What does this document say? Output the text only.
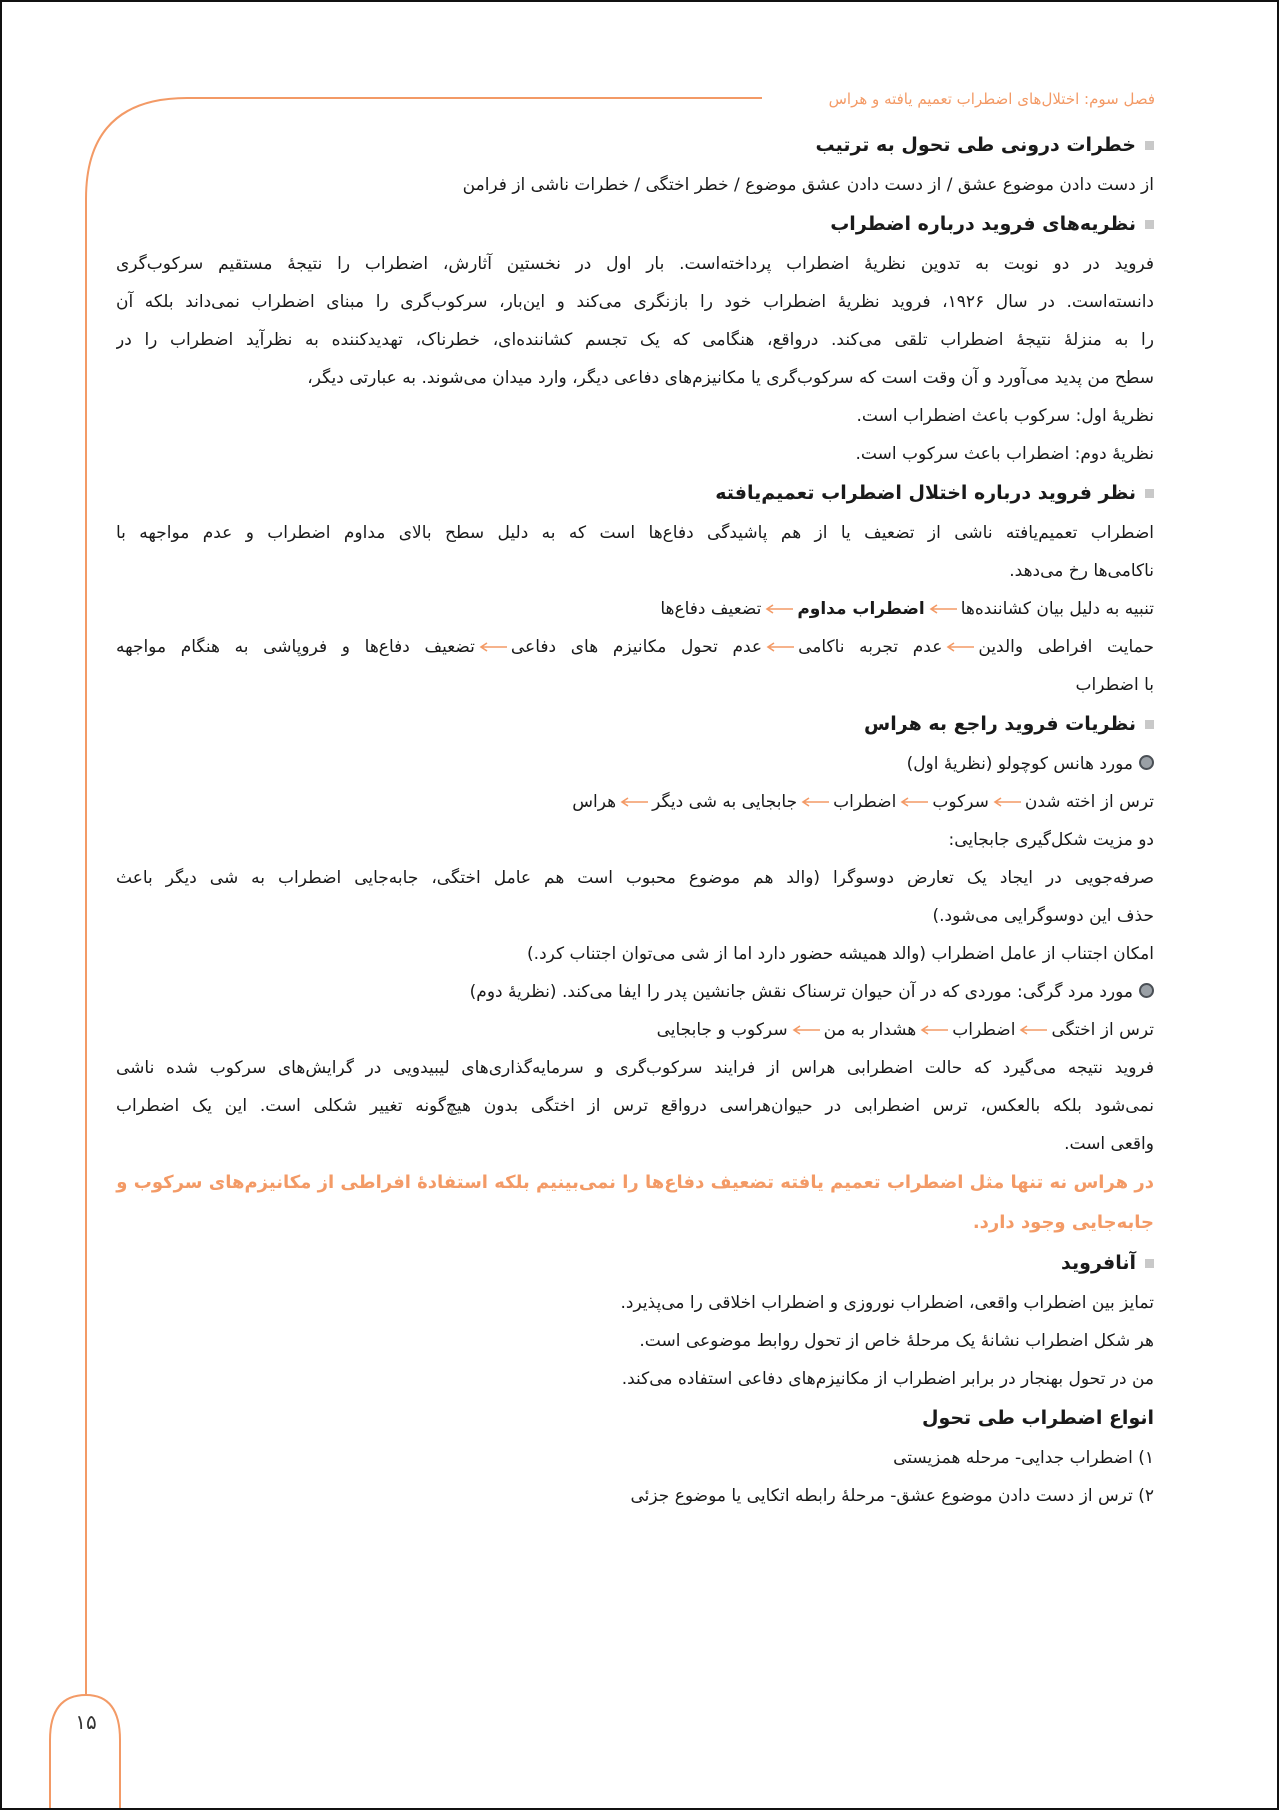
فصل سوم: اختلال‌های اضطراب تعمیم یافته و هراس
خطرات درونی طی تحول به ترتیب
از دست دادن موضوع عشق / از دست دادن عشق موضوع / خطر اختگی / خطرات ناشی از فرامن
نظریه‌های فروید درباره اضطراب
فروید در دو نوبت به تدوین نظریهٔ اضطراب پرداخته‌است. بار اول در نخستین آثارش، اضطراب را نتیجهٔ مستقیم سرکوب‌گری
دانسته‌است. در سال ۱۹۲۶، فروید نظریهٔ اضطراب خود را بازنگری می‌کند و این‌بار، سرکوب‌گری را مبنای اضطراب نمی‌داند بلکه آن
را به منزلهٔ نتیجهٔ اضطراب تلقی می‌کند. درواقع، هنگامی که یک تجسم کشاننده‌ای، خطرناک، تهدیدکننده به نظرآید اضطراب را در
سطح من پدید می‌آورد و آن وقت است که سرکوب‌گری یا مکانیزم‌های دفاعی دیگر، وارد میدان می‌شوند. به عبارتی دیگر،
نظریهٔ اول: سرکوب باعث اضطراب است.
نظریهٔ دوم: اضطراب باعث سرکوب است.
نظر فروید درباره اختلال اضطراب تعمیم‌یافته
اضطراب تعمیم‌یافته ناشی از تضعیف یا از هم پاشیدگی دفاع‌ها است که به دلیل سطح بالای مداوم اضطراب و عدم مواجهه با
ناکامی‌ها رخ می‌دهد.
تنبیه به دلیل بیان کشاننده‌هااضطراب مداومتضعیف دفاع‌ها
حمایت افراطی والدینعدم تجربه ناکامیعدم تحول مکانیزم های دفاعیتضعیف دفاع‌ها و فروپاشی به هنگام مواجهه
با اضطراب
نظریات فروید راجع به هراس
مورد هانس کوچولو (نظریهٔ اول)
ترس از اخته شدنسرکوباضطرابجابجایی به شی دیگرهراس
دو مزیت شکل‌گیری جابجایی:
صرفه‌جویی در ایجاد یک تعارض دوسوگرا (والد هم موضوع محبوب است هم عامل اختگی، جابه‌جایی اضطراب به شی دیگر باعث
حذف این دوسوگرایی می‌شود.)
امکان اجتناب از عامل اضطراب (والد همیشه حضور دارد اما از شی می‌توان اجتناب کرد.)
مورد مرد گرگی: موردی که در آن حیوان ترسناک نقش جانشین پدر را ایفا می‌کند. (نظریهٔ دوم)
ترس از اختگیاضطرابهشدار به منسرکوب و جابجایی
فروید نتیجه می‌گیرد که حالت اضطرابی هراس از فرایند سرکوب‌گری و سرمایه‌گذاری‌های لیبیدویی در گرایش‌های سرکوب شده ناشی
نمی‌شود بلکه بالعکس، ترس اضطرابی در حیوان‌هراسی درواقع ترس از اختگی بدون هیچ‌گونه تغییر شکلی است. این یک اضطراب
واقعی است.
در هراس نه تنها مثل اضطراب تعمیم یافته تضعیف دفاع‌ها را نمی‌بینیم بلکه استفادهٔ افراطی از مکانیزم‌های سرکوب و
جابه‌جایی وجود دارد.
آنافروید
تمایز بین اضطراب واقعی، اضطراب نوروزی و اضطراب اخلاقی را می‌پذیرد.
هر شکل اضطراب نشانهٔ یک مرحلهٔ خاص از تحول روابط موضوعی است.
من در تحول بهنجار در برابر اضطراب از مکانیزم‌های دفاعی استفاده می‌کند.
انواع اضطراب طی تحول
۱) اضطراب جدایی- مرحله همزیستی
۲) ترس از دست دادن موضوع عشق- مرحلهٔ رابطه اتکایی یا موضوع جزئی
۱۵
